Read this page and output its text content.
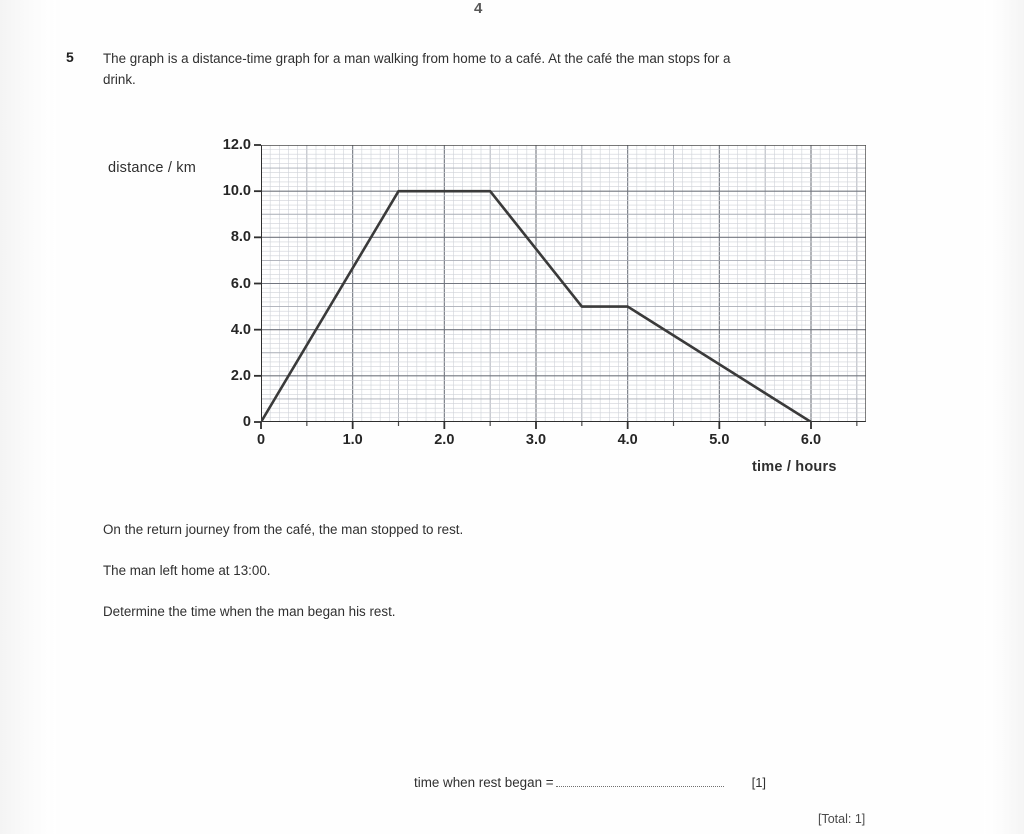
4
5 The graph is a distance-time graph for a man walking from home to a café. At the café the man stops for a drink.
distance / km
time / hours
0
2.0
4.0
6.0
8.0
10.0
12.0
0	1.0	2.0	3.0	4.0	5.0	6.0
On the return journey from the café, the man stopped to rest.
The man left home at 13:00.
Determine the time when the man began his rest.
time when rest began =	[1]
[Total: 1]
